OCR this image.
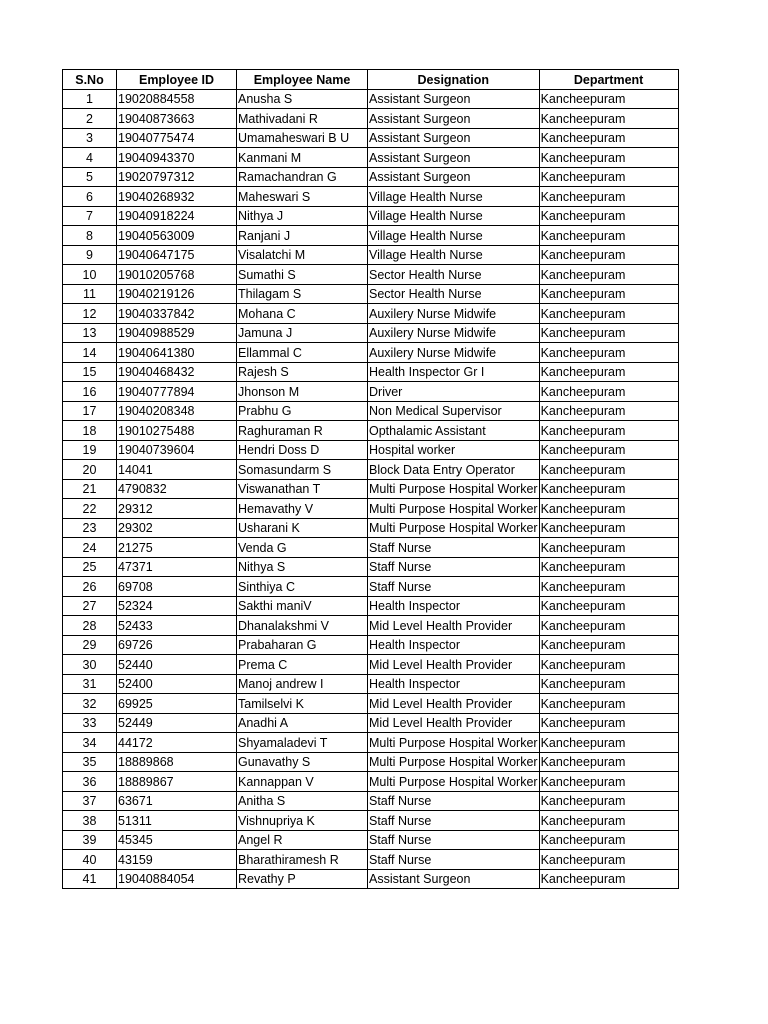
S.No	Employee ID	Employee Name	Designation	Department
1	19020884558	Anusha S	Assistant Surgeon	Kancheepuram
2	19040873663	Mathivadani R	Assistant Surgeon	Kancheepuram
3	19040775474	Umamaheswari B U	Assistant Surgeon	Kancheepuram
4	19040943370	Kanmani M	Assistant Surgeon	Kancheepuram
5	19020797312	Ramachandran G	Assistant Surgeon	Kancheepuram
6	19040268932	Maheswari S	Village Health Nurse	Kancheepuram
7	19040918224	Nithya J	Village Health Nurse	Kancheepuram
8	19040563009	Ranjani J	Village Health Nurse	Kancheepuram
9	19040647175	Visalatchi M	Village Health Nurse	Kancheepuram
10	19010205768	Sumathi S	Sector Health Nurse	Kancheepuram
11	19040219126	Thilagam S	Sector Health Nurse	Kancheepuram
12	19040337842	Mohana C	Auxilery Nurse Midwife	Kancheepuram
13	19040988529	Jamuna J	Auxilery Nurse Midwife	Kancheepuram
14	19040641380	Ellammal C	Auxilery Nurse Midwife	Kancheepuram
15	19040468432	Rajesh S	Health Inspector Gr I	Kancheepuram
16	19040777894	Jhonson M	Driver	Kancheepuram
17	19040208348	Prabhu G	Non Medical Supervisor	Kancheepuram
18	19010275488	Raghuraman R	Opthalamic Assistant	Kancheepuram
19	19040739604	Hendri Doss D	Hospital worker	Kancheepuram
20	14041	Somasundarm S	Block Data Entry Operator	Kancheepuram
21	4790832	Viswanathan T	Multi Purpose Hospital Worker	Kancheepuram
22	29312	Hemavathy V	Multi Purpose Hospital Worker	Kancheepuram
23	29302	Usharani K	Multi Purpose Hospital Worker	Kancheepuram
24	21275	Venda G	Staff Nurse	Kancheepuram
25	47371	Nithya S	Staff Nurse	Kancheepuram
26	69708	Sinthiya C	Staff Nurse	Kancheepuram
27	52324	Sakthi maniV	Health Inspector	Kancheepuram
28	52433	Dhanalakshmi V	Mid Level Health Provider	Kancheepuram
29	69726	Prabaharan G	Health Inspector	Kancheepuram
30	52440	Prema C	Mid Level Health Provider	Kancheepuram
31	52400	Manoj andrew I	Health Inspector	Kancheepuram
32	69925	Tamilselvi K	Mid Level Health Provider	Kancheepuram
33	52449	Anadhi A	Mid Level Health Provider	Kancheepuram
34	44172	Shyamaladevi T	Multi Purpose Hospital Worker	Kancheepuram
35	18889868	Gunavathy S	Multi Purpose Hospital Worker	Kancheepuram
36	18889867	Kannappan V	Multi Purpose Hospital Worker	Kancheepuram
37	63671	Anitha S	Staff Nurse	Kancheepuram
38	51311	Vishnupriya K	Staff Nurse	Kancheepuram
39	45345	Angel R	Staff Nurse	Kancheepuram
40	43159	Bharathiramesh R	Staff Nurse	Kancheepuram
41	19040884054	Revathy P	Assistant Surgeon	Kancheepuram
